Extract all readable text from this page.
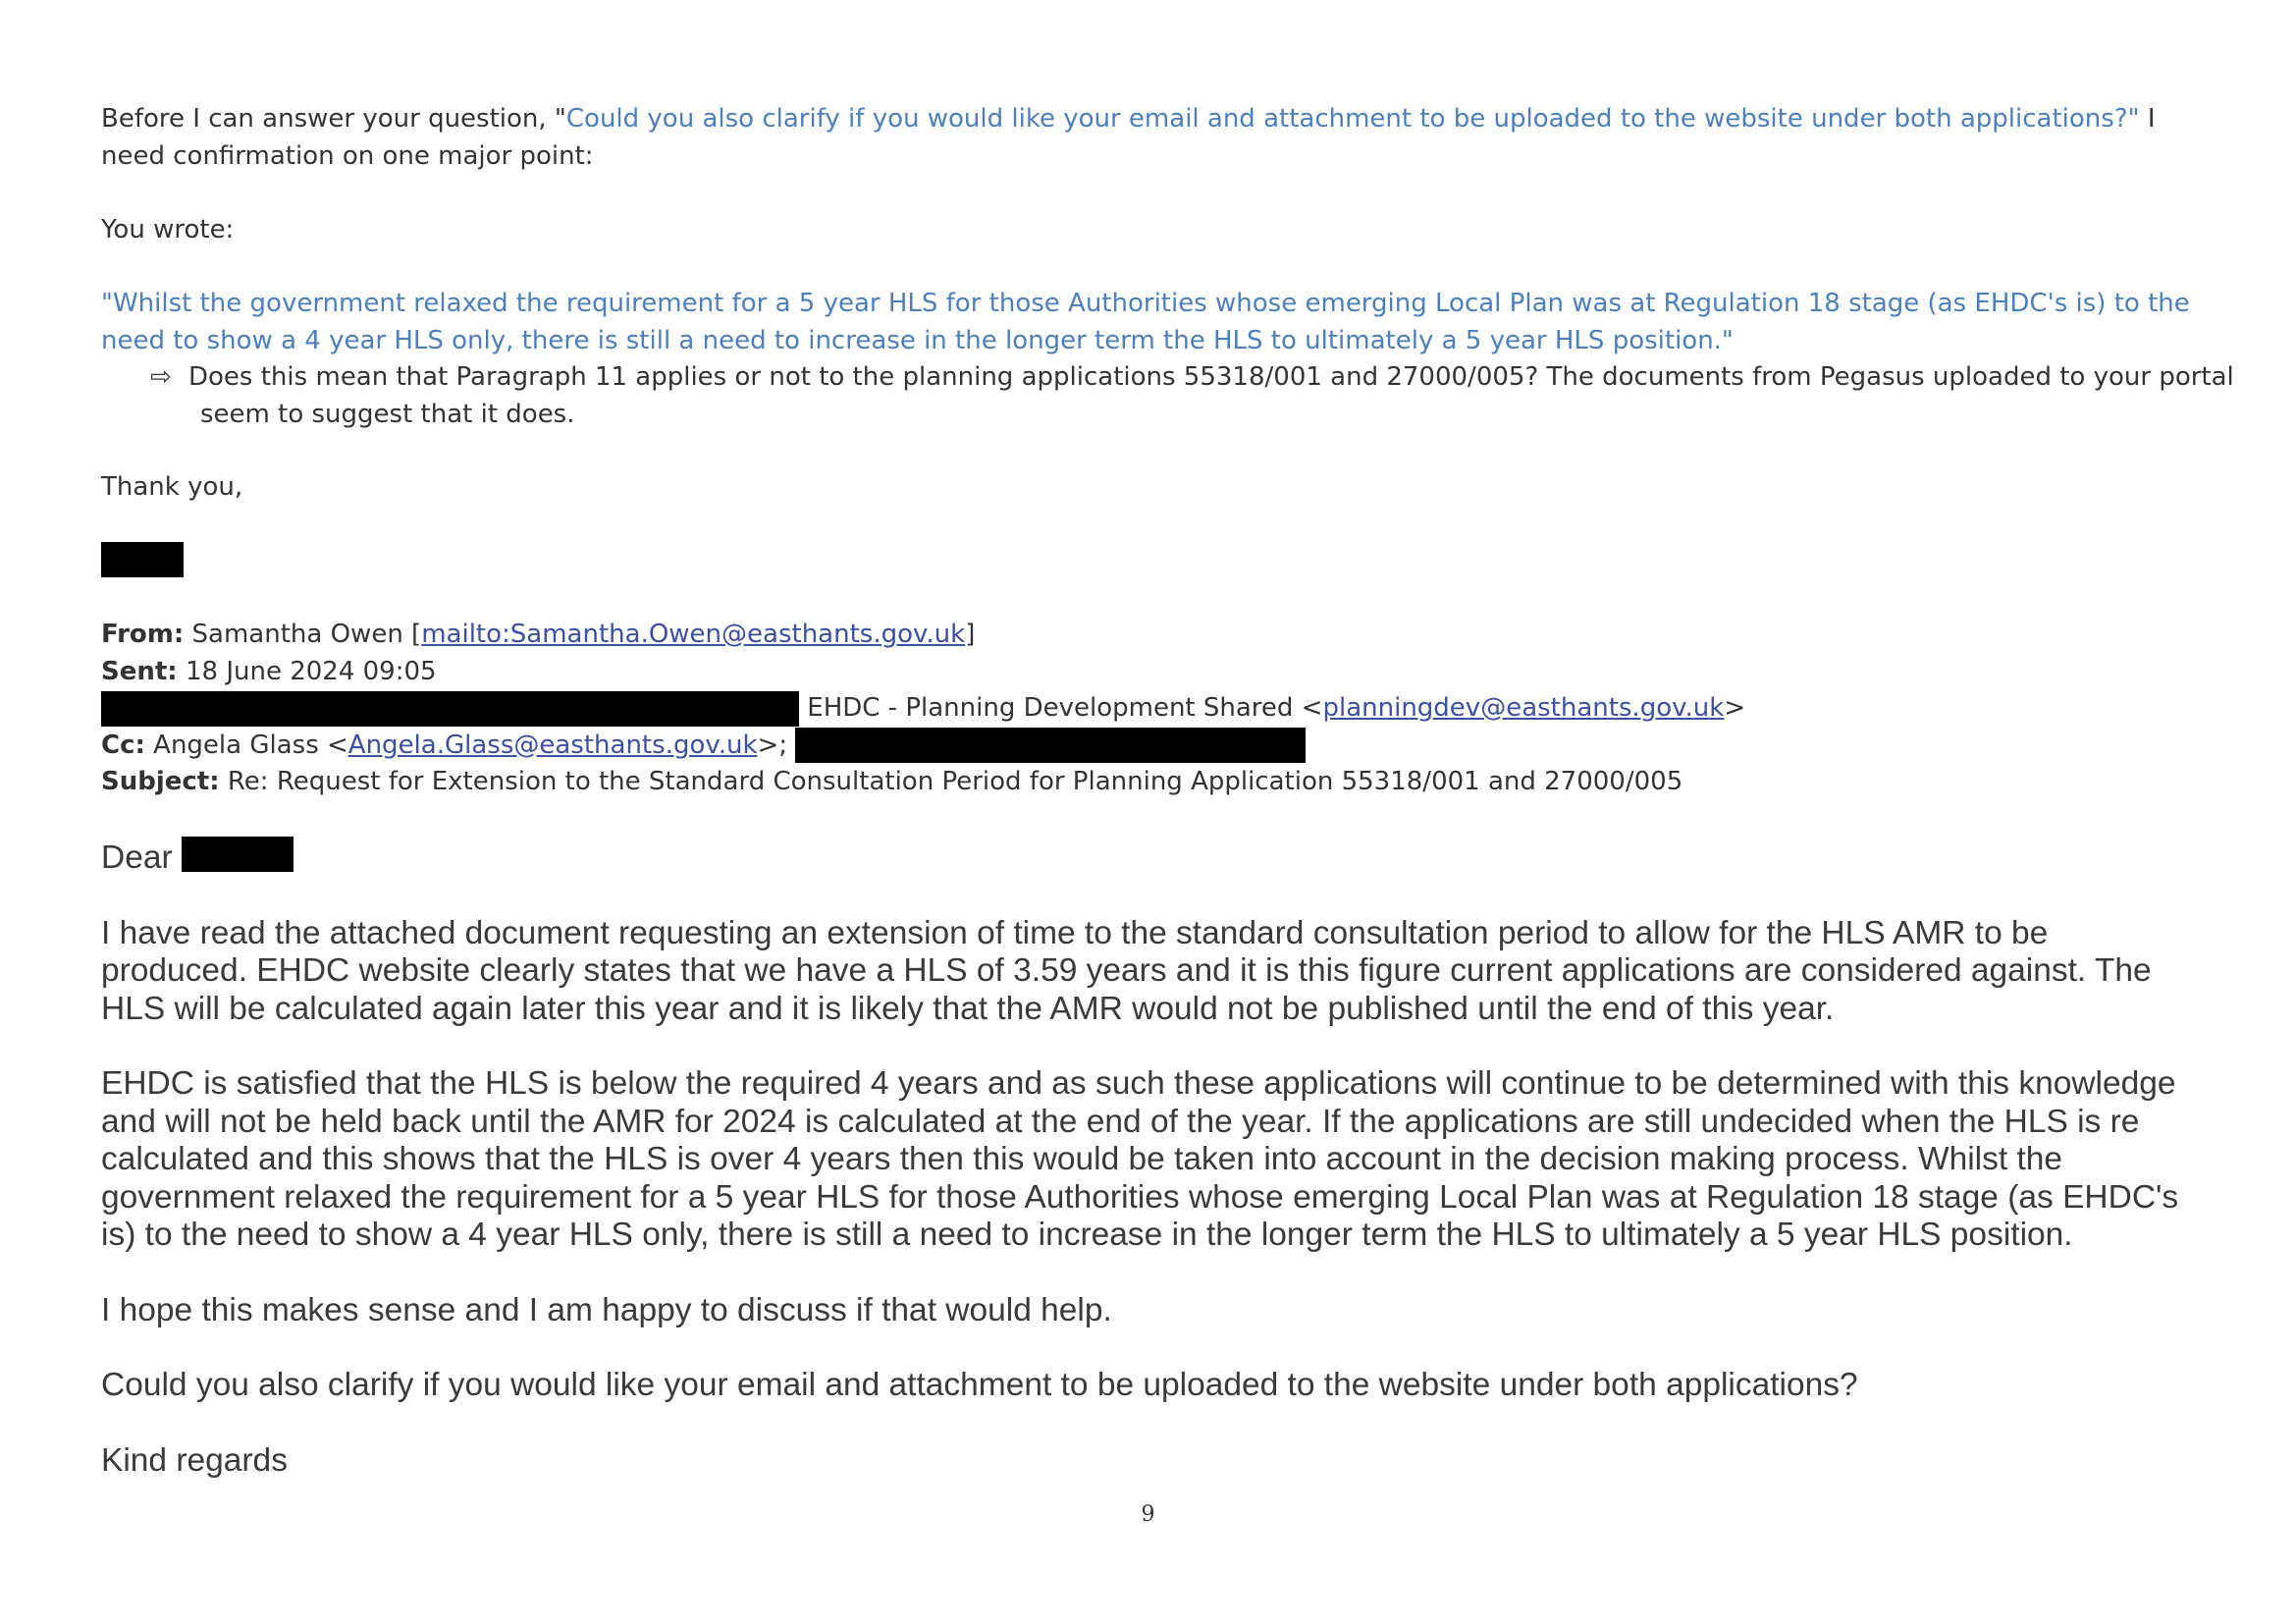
Before I can answer your question, "Could you also clarify if you would like your email and attachment to be uploaded to the website under both applications?" I need confirmation on one major point:

You wrote:

"Whilst the government relaxed the requirement for a 5 year HLS for those Authorities whose emerging Local Plan was at Regulation 18 stage (as EHDC's is) to the need to show a 4 year HLS only, there is still a need to increase in the longer term the HLS to ultimately a 5 year HLS position."

⇨ Does this mean that Paragraph 11 applies or not to the planning applications 55318/001 and 27000/005? The documents from Pegasus uploaded to your portal seem to suggest that it does.

Thank you,

From: Samantha Owen [mailto:Samantha.Owen@easthants.gov.uk]
Sent: 18 June 2024 09:05
EHDC - Planning Development Shared <planningdev@easthants.gov.uk>
Cc: Angela Glass <Angela.Glass@easthants.gov.uk>;
Subject: Re: Request for Extension to the Standard Consultation Period for Planning Application 55318/001 and 27000/005

Dear

I have read the attached document requesting an extension of time to the standard consultation period to allow for the HLS AMR to be produced. EHDC website clearly states that we have a HLS of 3.59 years and it is this figure current applications are considered against. The HLS will be calculated again later this year and it is likely that the AMR would not be published until the end of this year.

EHDC is satisfied that the HLS is below the required 4 years and as such these applications will continue to be determined with this knowledge and will not be held back until the AMR for 2024 is calculated at the end of the year. If the applications are still undecided when the HLS is re calculated and this shows that the HLS is over 4 years then this would be taken into account in the decision making process. Whilst the government relaxed the requirement for a 5 year HLS for those Authorities whose emerging Local Plan was at Regulation 18 stage (as EHDC's is) to the need to show a 4 year HLS only, there is still a need to increase in the longer term the HLS to ultimately a 5 year HLS position.

I hope this makes sense and I am happy to discuss if that would help.

Could you also clarify if you would like your email and attachment to be uploaded to the website under both applications?

Kind regards

9
